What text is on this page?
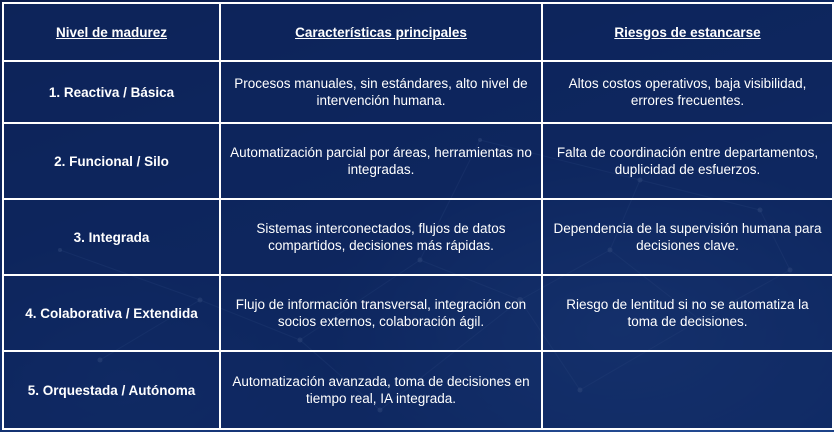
Nivel de madurez	Características principales	Riesgos de estancarse
1. Reactiva / Básica	Procesos manuales, sin estándares, alto nivel de intervención humana.	Altos costos operativos, baja visibilidad, errores frecuentes.
2. Funcional / Silo	Automatización parcial por áreas, herramientas no integradas.	Falta de coordinación entre departamentos, duplicidad de esfuerzos.
3. Integrada	Sistemas interconectados, flujos de datos compartidos, decisiones más rápidas.	Dependencia de la supervisión humana para decisiones clave.
4. Colaborativa / Extendida	Flujo de información transversal, integración con socios externos, colaboración ágil.	Riesgo de lentitud si no se automatiza la toma de decisiones.
5. Orquestada / Autónoma	Automatización avanzada, toma de decisiones en tiempo real, IA integrada.	
